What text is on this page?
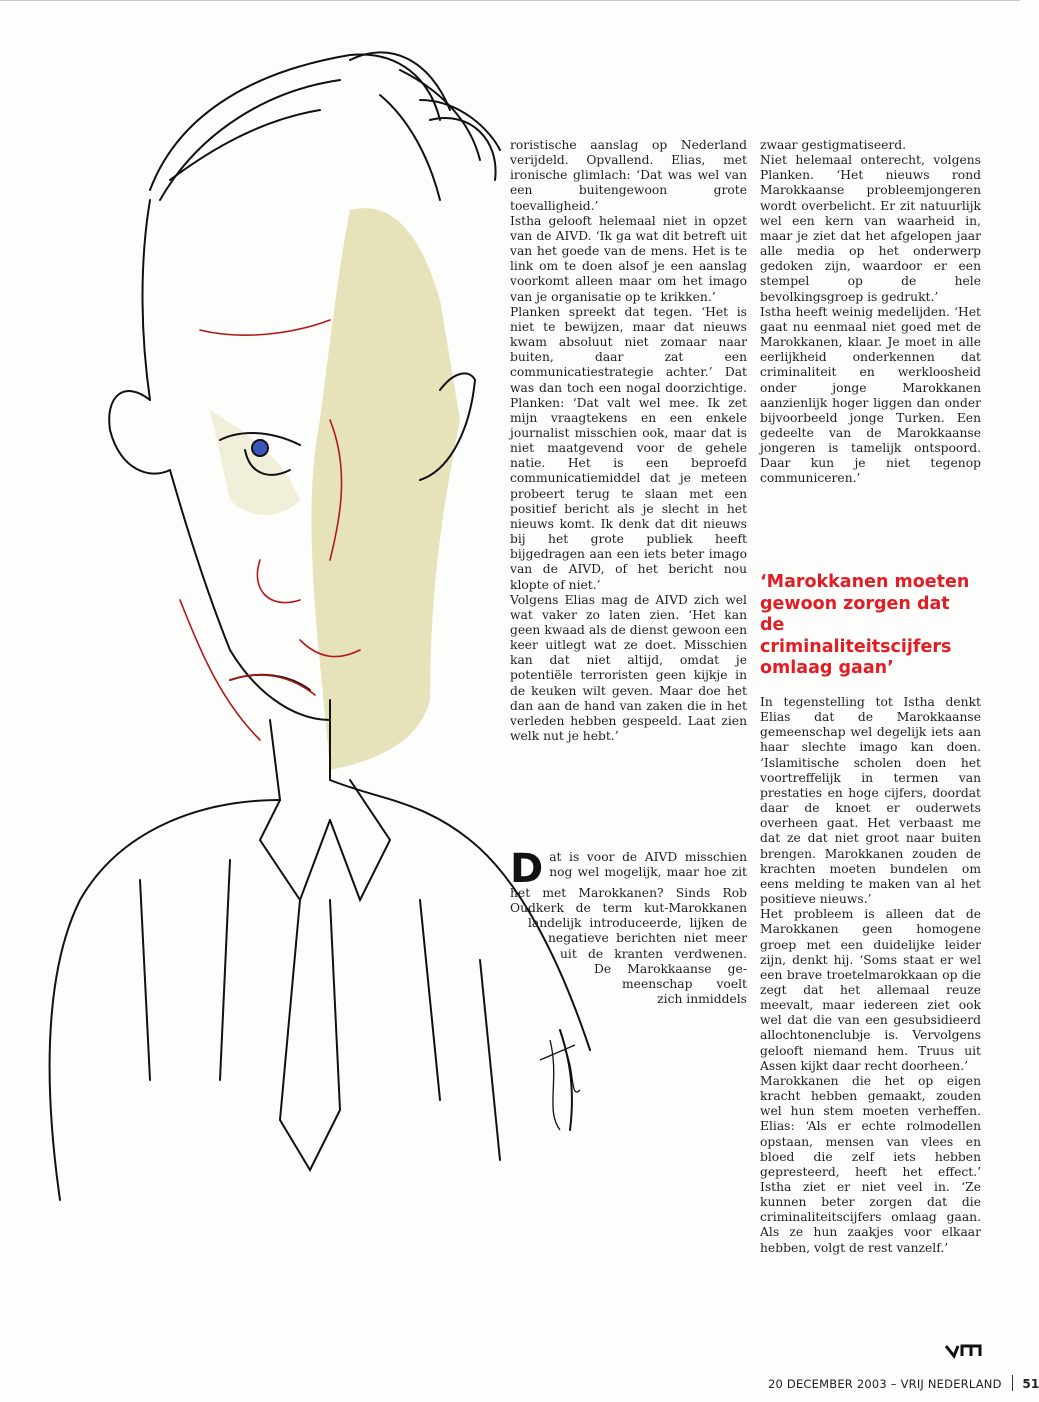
roristische aanslag op Nederland verijdeld. Opvallend. Elias, met ironische glimlach: ‘Dat was wel van een buitengewoon grote toevalligheid.’

Istha gelooft helemaal niet in opzet van de AIVD. ‘Ik ga wat dit betreft uit van het goede van de mens. Het is te link om te doen alsof je een aanslag voorkomt alleen maar om het imago van je organisatie op te krikken.’

Planken spreekt dat tegen. ‘Het is niet te bewijzen, maar dat nieuws kwam absoluut niet zomaar naar buiten, daar zat een communicatiestrategie achter.’ Dat was dan toch een nogal doorzichtige. Planken: ‘Dat valt wel mee. Ik zet mijn vraagtekens en een enkele journalist misschien ook, maar dat is niet maatgevend voor de gehele natie. Het is een beproefd communicatiemiddel dat je meteen probeert terug te slaan met een positief bericht als je slecht in het nieuws komt. Ik denk dat dit nieuws bij het grote publiek heeft bijgedragen aan een iets beter imago van de AIVD, of het bericht nou klopte of niet.’

Volgens Elias mag de AIVD zich wel wat vaker zo laten zien. ‘Het kan geen kwaad als de dienst gewoon een keer uitlegt wat ze doet. Misschien kan dat niet altijd, omdat je potentiële terroristen geen kijkje in de keuken wilt geven. Maar doe het dan aan de hand van zaken die in het verleden hebben gespeeld. Laat zien welk nut je hebt.’

D at is voor de AIVD misschien
nog wel mogelijk, maar hoe zit
het met Marokkanen? Sinds Rob
Oudkerk de term kut-Marokkanen
landelijk introduceerde, lijken de
negatieve berichten niet meer
uit de kranten verdwenen.
De Marokkaanse ge-
meenschap voelt
zich inmiddels

zwaar gestigmatiseerd.

Niet helemaal onterecht, volgens Planken. ‘Het nieuws rond Marokkaanse probleemjongeren wordt overbelicht. Er zit natuurlijk wel een kern van waarheid in, maar je ziet dat het afgelopen jaar alle media op het onderwerp gedoken zijn, waardoor er een stempel op de hele bevolkingsgroep is gedrukt.’

Istha heeft weinig medelijden. ‘Het gaat nu eenmaal niet goed met de Marokkanen, klaar. Je moet in alle eerlijkheid onderkennen dat criminaliteit en werkloosheid onder jonge Marokkanen aanzienlijk hoger liggen dan onder bijvoorbeeld jonge Turken. Een gedeelte van de Marokkaanse jongeren is tamelijk ontspoord. Daar kun je niet tegenop communiceren.’

‘Marokkanen moeten gewoon zorgen dat de criminaliteitscijfers omlaag gaan’

In tegenstelling tot Istha denkt Elias dat de Marokkaanse gemeenschap wel degelijk iets aan haar slechte imago kan doen. ‘Islamitische scholen doen het voortreffelijk in termen van prestaties en hoge cijfers, doordat daar de knoet er ouderwets overheen gaat. Het verbaast me dat ze dat niet groot naar buiten brengen. Marokkanen zouden de krachten moeten bundelen om eens melding te maken van al het positieve nieuws.’

Het probleem is alleen dat de Marokkanen geen homogene groep met een duidelijke leider zijn, denkt hij. ‘Soms staat er wel een brave troetelmarokkaan op die zegt dat het allemaal reuze meevalt, maar iedereen ziet ook wel dat die van een gesubsidieerd allochtonenclubje is. Vervolgens gelooft niemand hem. Truus uit Assen kijkt daar recht doorheen.’

Marokkanen die het op eigen kracht hebben gemaakt, zouden wel hun stem moeten verheffen. Elias: ‘Als er echte rolmodellen opstaan, mensen van vlees en bloed die zelf iets hebben gepresteerd, heeft het effect.’ Istha ziet er niet veel in. ‘Ze kunnen beter zorgen dat die criminaliteitscijfers omlaag gaan. Als ze hun zaakjes voor elkaar hebben, volgt de rest vanzelf.’

20 DECEMBER 2003 – VRIJ NEDERLAND 51
